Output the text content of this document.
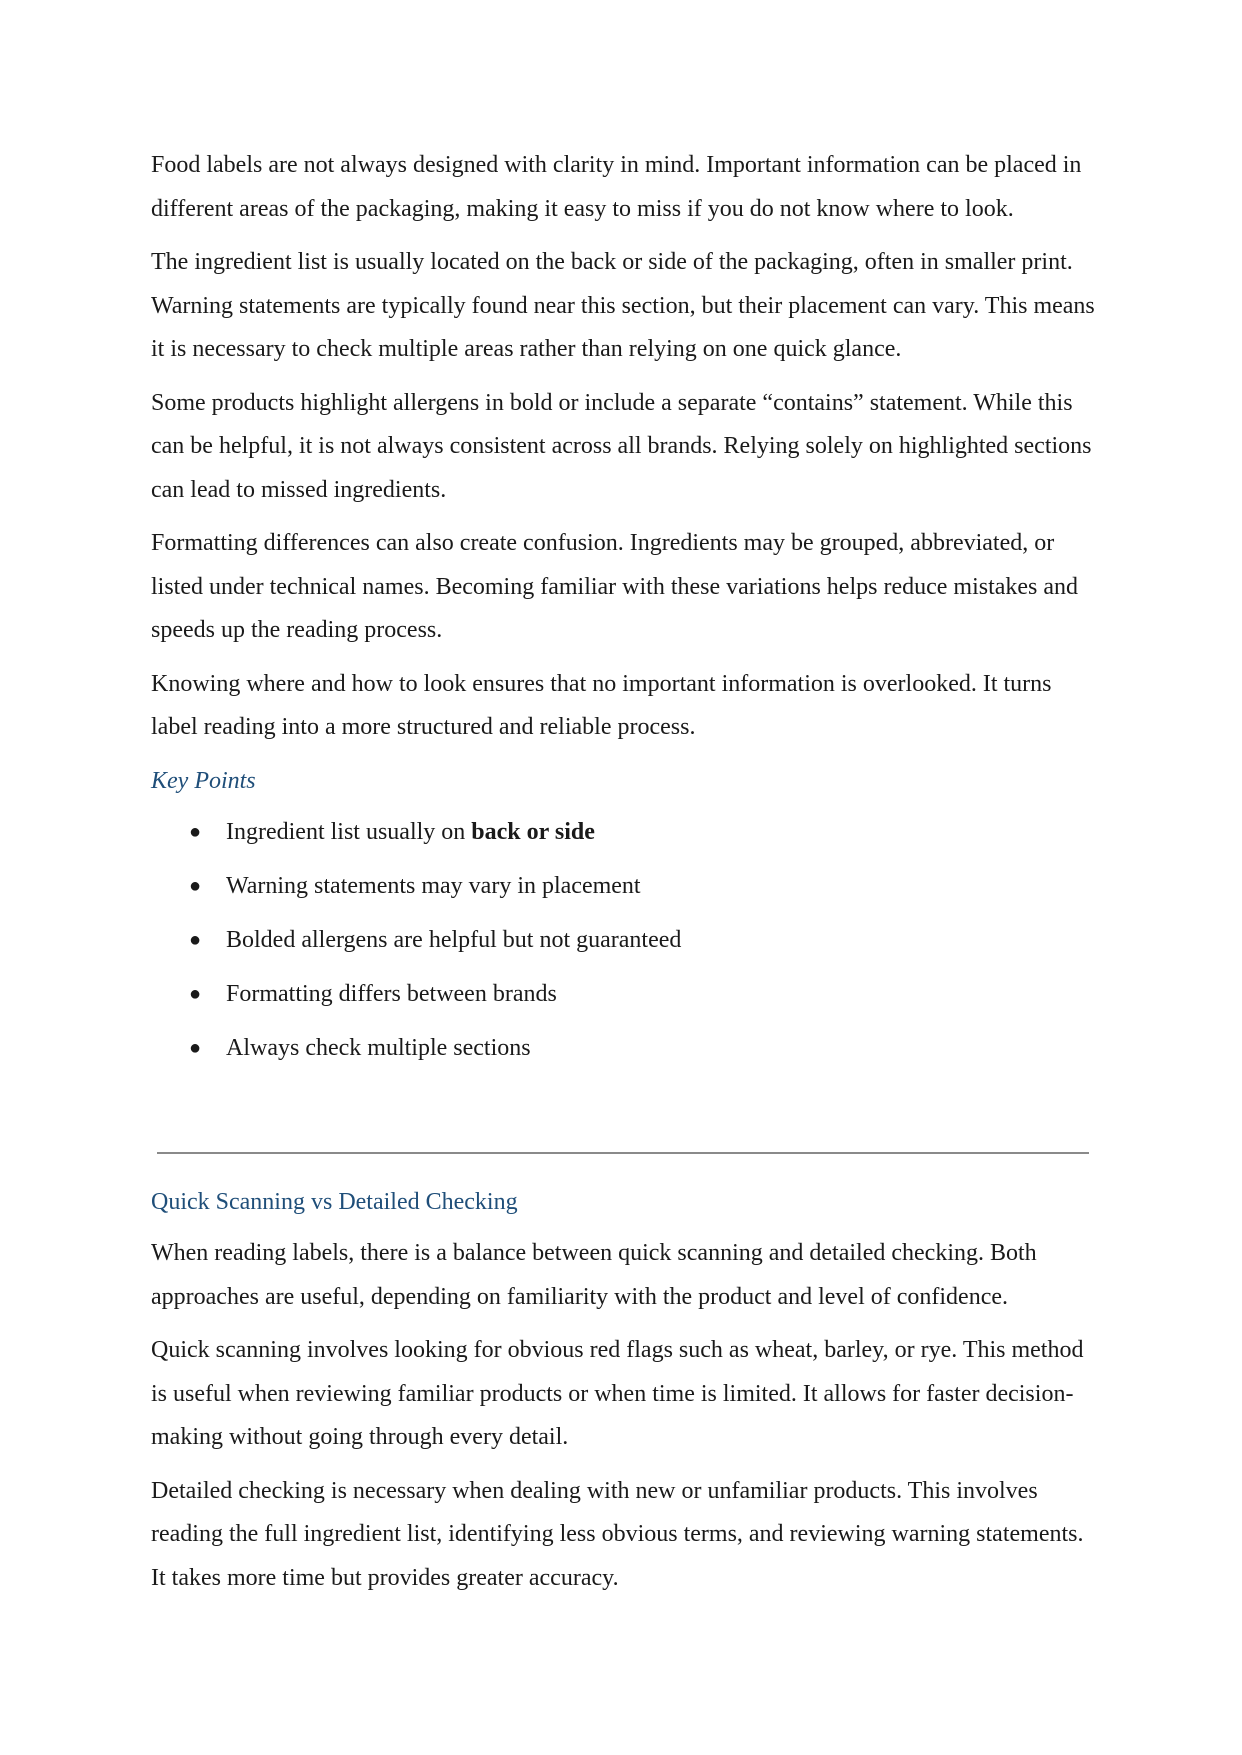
Food labels are not always designed with clarity in mind. Important information can be placed in different areas of the packaging, making it easy to miss if you do not know where to look.

The ingredient list is usually located on the back or side of the packaging, often in smaller print. Warning statements are typically found near this section, but their placement can vary. This means it is necessary to check multiple areas rather than relying on one quick glance.

Some products highlight allergens in bold or include a separate “contains” statement. While this can be helpful, it is not always consistent across all brands. Relying solely on highlighted sections can lead to missed ingredients.

Formatting differences can also create confusion. Ingredients may be grouped, abbreviated, or listed under technical names. Becoming familiar with these variations helps reduce mistakes and speeds up the reading process.

Knowing where and how to look ensures that no important information is overlooked. It turns label reading into a more structured and reliable process.

Key Points
● Ingredient list usually on back or side
● Warning statements may vary in placement
● Bolded allergens are helpful but not guaranteed
● Formatting differs between brands
● Always check multiple sections
Quick Scanning vs Detailed Checking

When reading labels, there is a balance between quick scanning and detailed checking. Both approaches are useful, depending on familiarity with the product and level of confidence.

Quick scanning involves looking for obvious red flags such as wheat, barley, or rye. This method is useful when reviewing familiar products or when time is limited. It allows for faster decision-making without going through every detail.

Detailed checking is necessary when dealing with new or unfamiliar products. This involves reading the full ingredient list, identifying less obvious terms, and reviewing warning statements. It takes more time but provides greater accuracy.
